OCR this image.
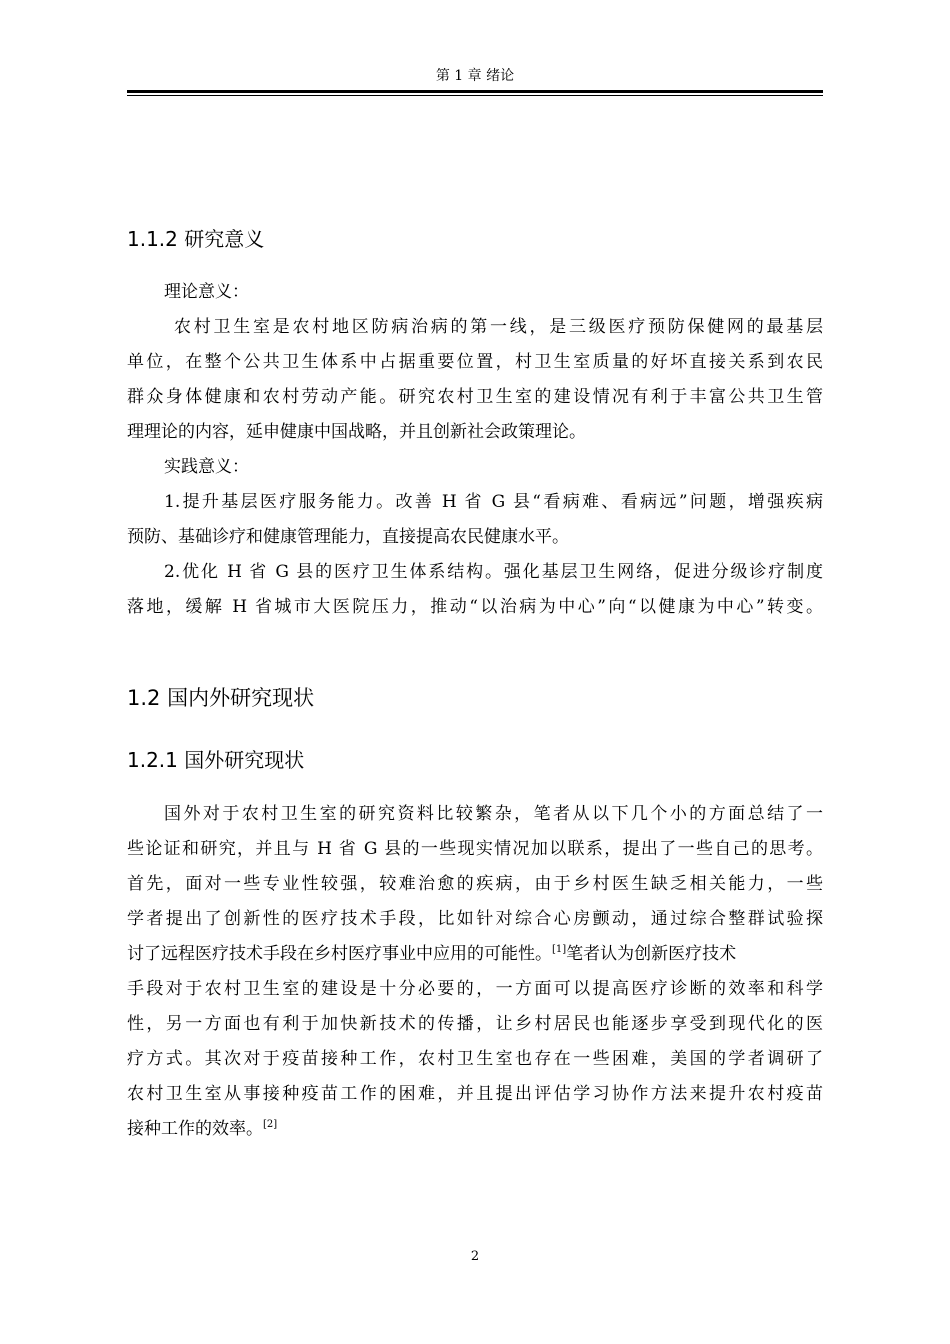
第 1 章 绪论
1.1.2 研究意义
理论意义：
农村卫生室是农村地区防病治病的第一线，是三级医疗预防保健网的最基层
单位，在整个公共卫生体系中占据重要位置，村卫生室质量的好坏直接关系到农民
群众身体健康和农村劳动产能。研究农村卫生室的建设情况有利于丰富公共卫生管
理理论的内容，延申健康中国战略，并且创新社会政策理论。
实践意义：
1.提升基层医疗服务能力。改善 H 省 G 县“看病难、看病远”问题，增强疾病
预防、基础诊疗和健康管理能力，直接提高农民健康水平。
2.优化 H 省 G 县的医疗卫生体系结构。强化基层卫生网络，促进分级诊疗制度
落地，缓解 H 省城市大医院压力，推动“以治病为中心”向“以健康为中心”转变。
1.2 国内外研究现状
1.2.1 国外研究现状
国外对于农村卫生室的研究资料比较繁杂，笔者从以下几个小的方面总结了一
些论证和研究，并且与 H 省 G 县的一些现实情况加以联系，提出了一些自己的思考。
首先，面对一些专业性较强，较难治愈的疾病，由于乡村医生缺乏相关能力，一些
学者提出了创新性的医疗技术手段，比如针对综合心房颤动，通过综合整群试验探
讨了远程医疗技术手段在乡村医疗事业中应用的可能性。[1]笔者认为创新医疗技术
手段对于农村卫生室的建设是十分必要的，一方面可以提高医疗诊断的效率和科学
性，另一方面也有利于加快新技术的传播，让乡村居民也能逐步享受到现代化的医
疗方式。其次对于疫苗接种工作，农村卫生室也存在一些困难，美国的学者调研了
农村卫生室从事接种疫苗工作的困难，并且提出评估学习协作方法来提升农村疫苗
接种工作的效率。[2]
2
